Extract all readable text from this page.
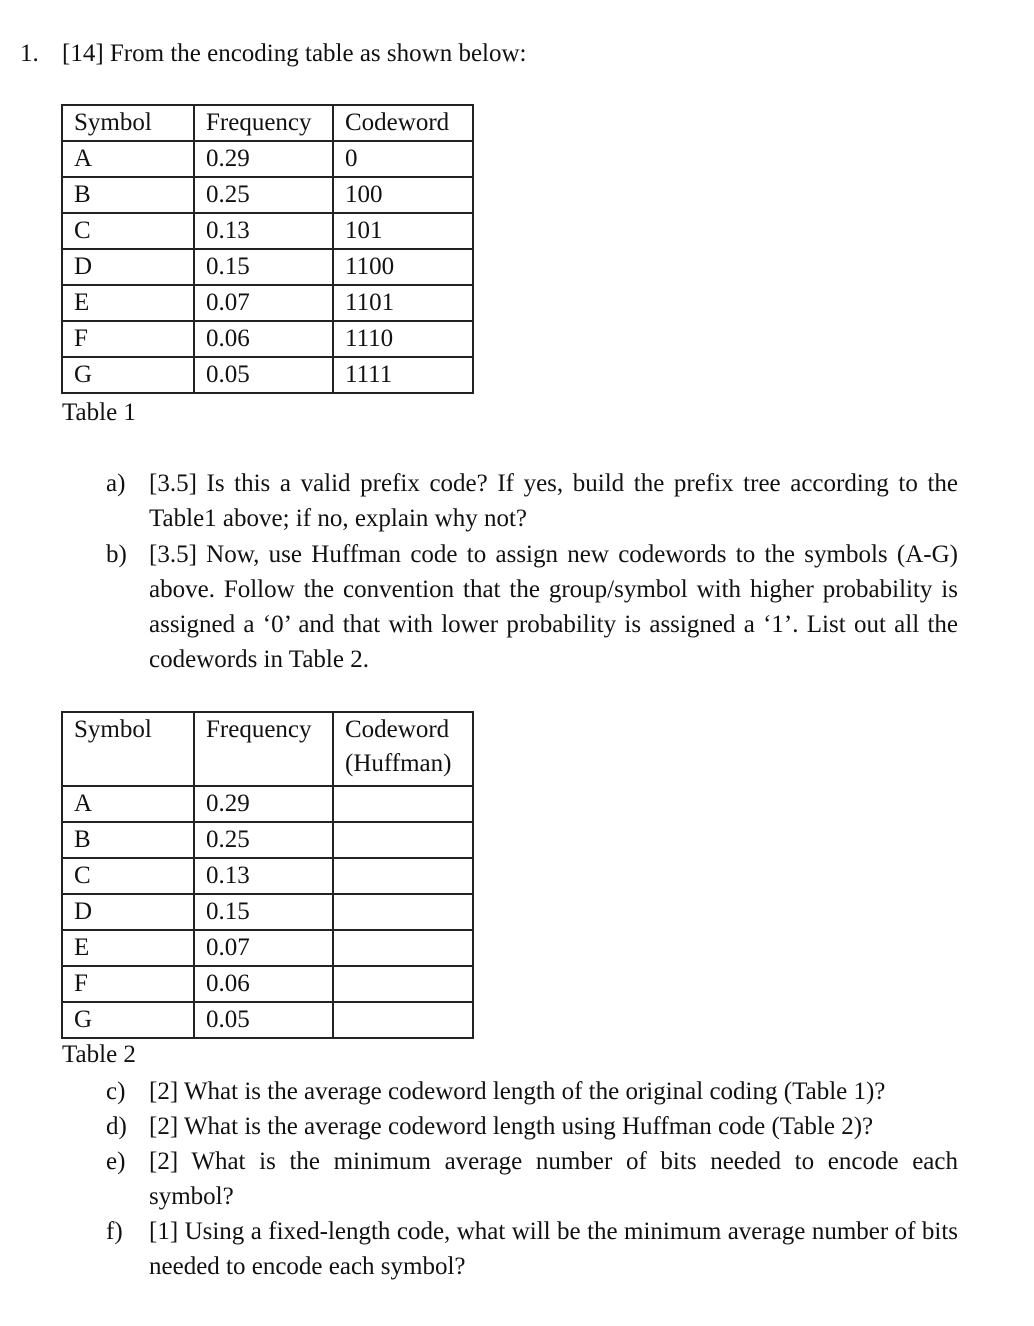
1. [14] From the encoding table as shown below:
Symbol	Frequency	Codeword
A	0.29	0
B	0.25	100
C	0.13	101
D	0.15	1100
E	0.07	1101
F	0.06	1110
G	0.05	1111
Table 1
a) [3.5] Is this a valid prefix code? If yes, build the prefix tree according to the Table1 above; if no, explain why not?
b) [3.5] Now, use Huffman code to assign new codewords to the symbols (A-G) above. Follow the convention that the group/symbol with higher probability is assigned a ‘0’ and that with lower probability is assigned a ‘1’. List out all the codewords in Table 2.
Symbol	Frequency	Codeword (Huffman)
A	0.29	
B	0.25	
C	0.13	
D	0.15	
E	0.07	
F	0.06	
G	0.05	
Table 2
c) [2] What is the average codeword length of the original coding (Table 1)?
d) [2] What is the average codeword length using Huffman code (Table 2)?
e) [2] What is the minimum average number of bits needed to encode each symbol?
f) [1] Using a fixed-length code, what will be the minimum average number of bits needed to encode each symbol?
